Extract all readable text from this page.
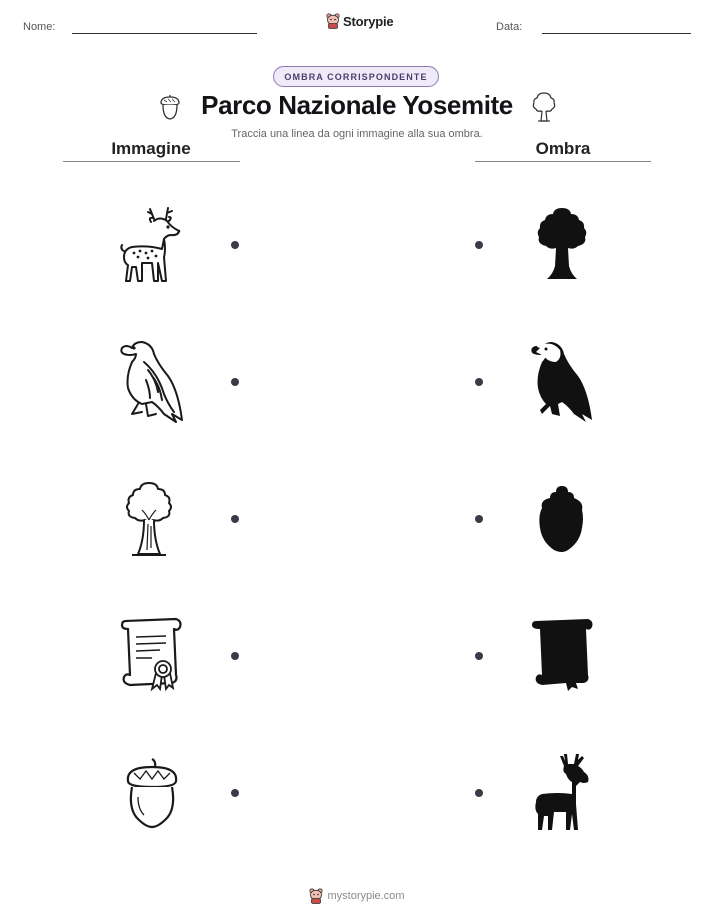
Nome:	Storypie	Data:
OMBRA CORRISPONDENTE
Parco Nazionale Yosemite
Traccia una linea da ogni immagine alla sua ombra.
Immagine	Ombra
mystorypie.com
